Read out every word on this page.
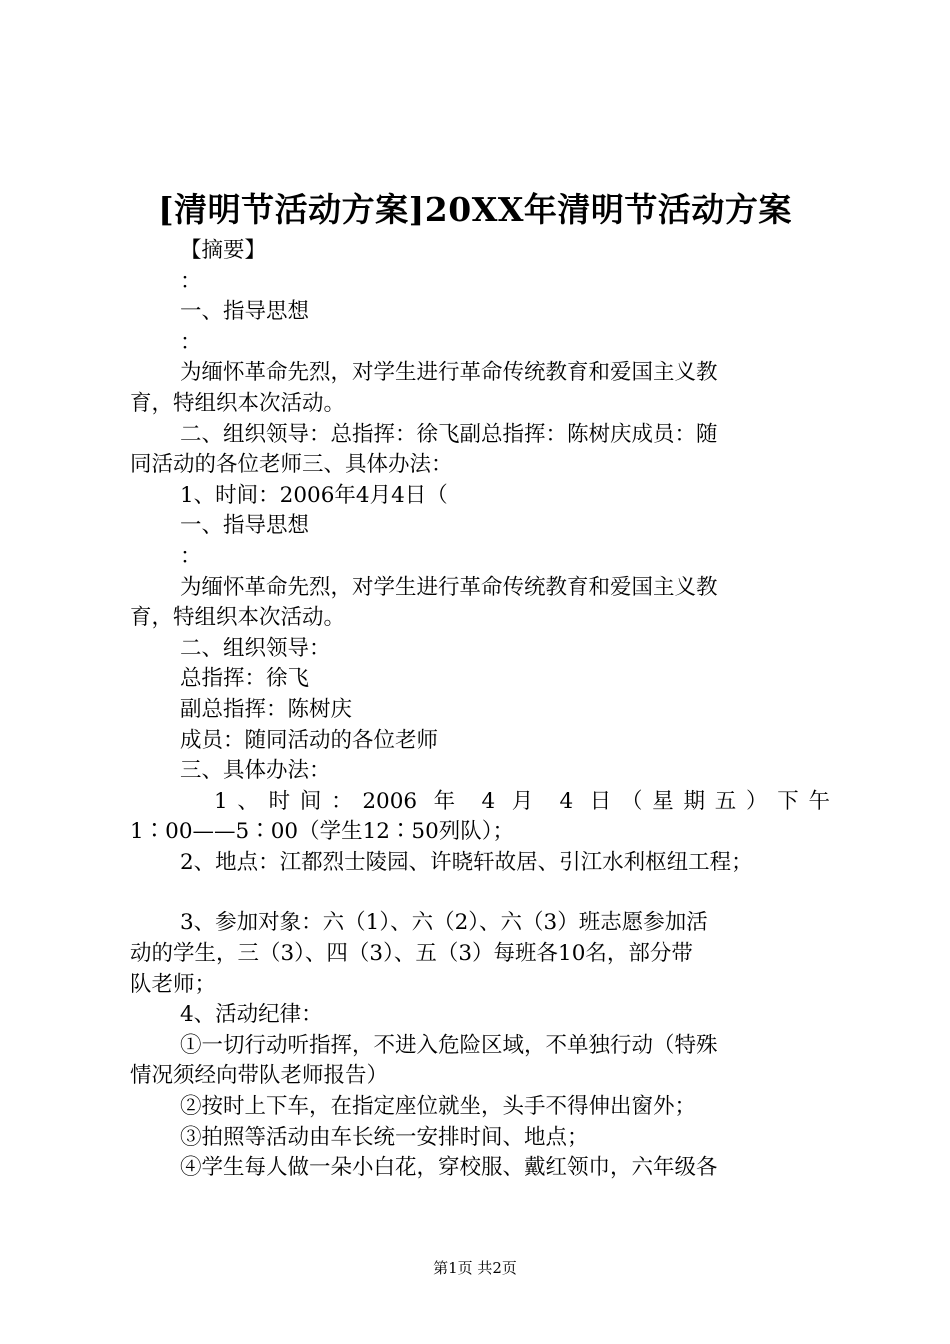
[清明节活动方案]20XX年清明节活动方案

【摘要】

：

一、指导思想

：

为缅怀革命先烈，对学生进行革命传统教育和爱国主义教

育，特组织本次活动。

二、组织领导：总指挥：徐飞副总指挥：陈树庆成员：随

同活动的各位老师三、具体办法：

1、时间：2006年4月4日（

一、指导思想

：

为缅怀革命先烈，对学生进行革命传统教育和爱国主义教

育，特组织本次活动。

二、组织领导：

总指挥：徐飞

副总指挥：陈树庆

成员：随同活动的各位老师

三、具体办法：

1、时间：2006 年 4 月 4 日（星期五）下午

1∶00——5∶00（学生12∶50列队）；

2、地点：江都烈士陵园、许晓轩故居、引江水利枢纽工程；

3、参加对象：六（1）、六（2）、六（3）班志愿参加活

动的学生，三（3）、四（3）、五（3）每班各10名，部分带

队老师；

4、活动纪律：

①一切行动听指挥，不进入危险区域，不单独行动（特殊

情况须经向带队老师报告）

②按时上下车，在指定座位就坐，头手不得伸出窗外；

③拍照等活动由车长统一安排时间、地点；

④学生每人做一朵小白花，穿校服、戴红领巾，六年级各

第1页 共2页
